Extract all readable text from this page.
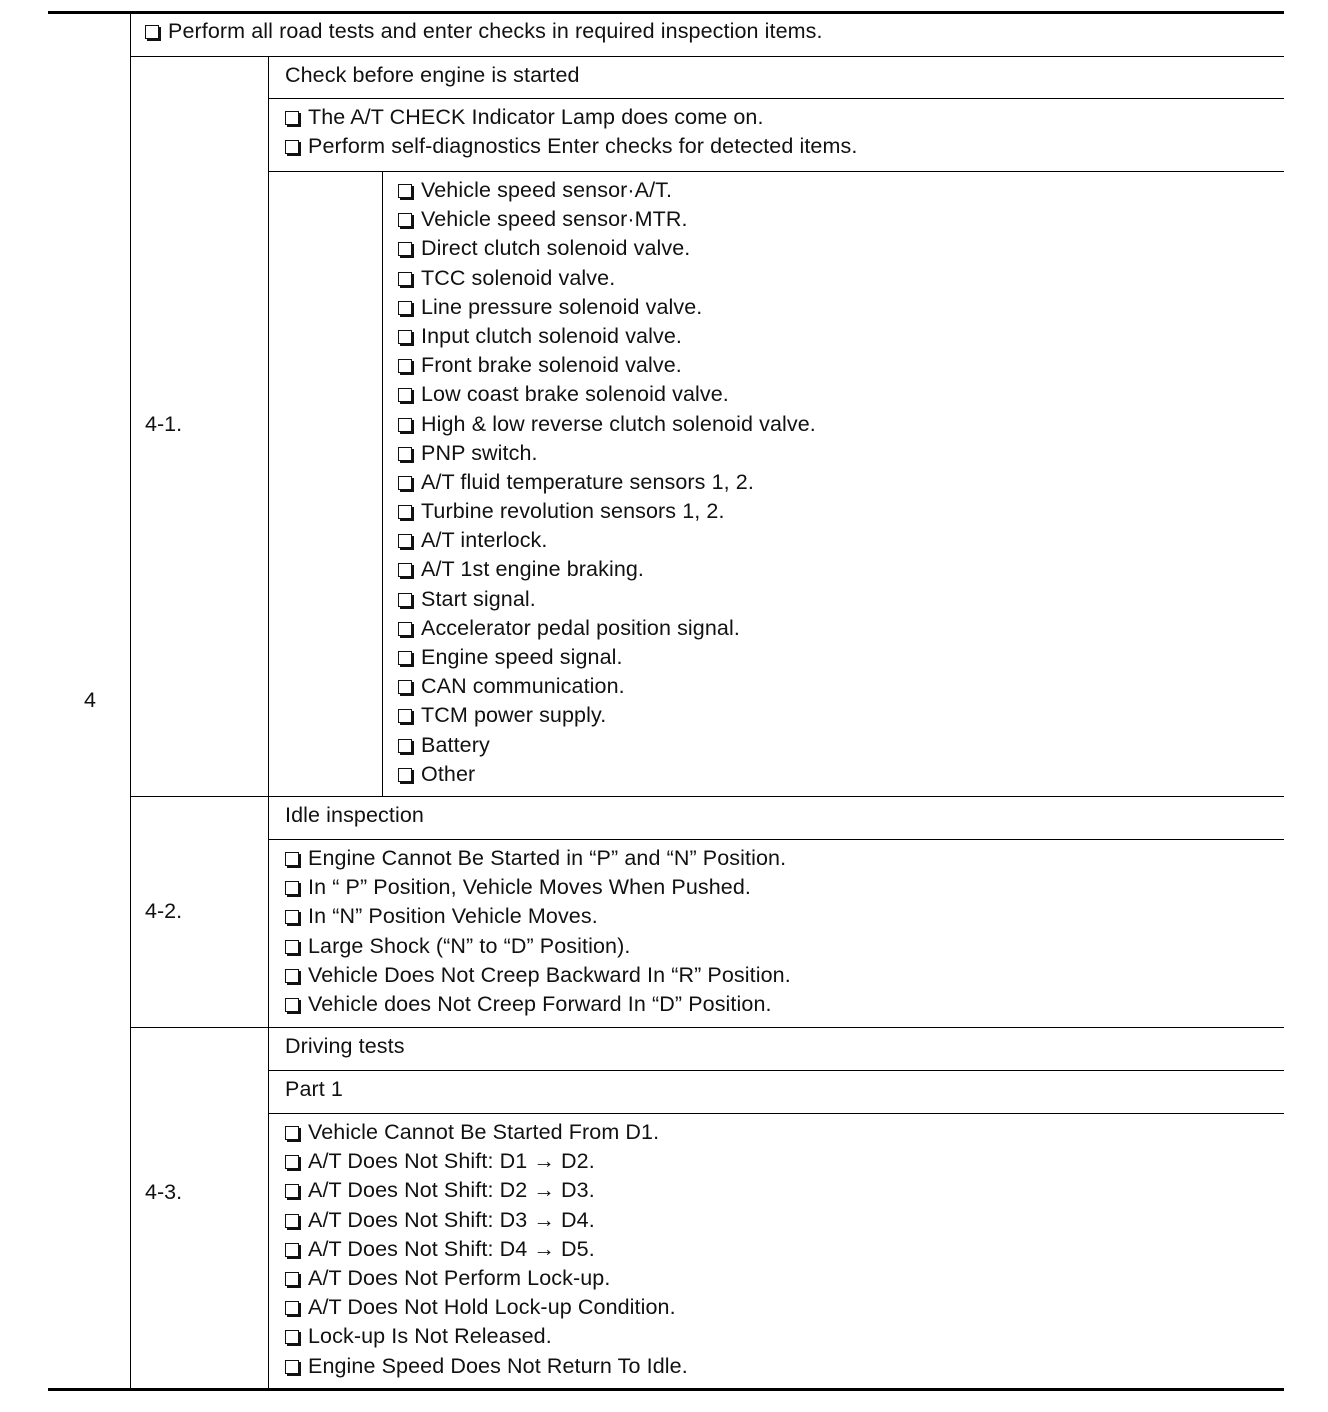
4
Perform all road tests and enter checks in required inspection items.
4-1.
Check before engine is started
The A/T CHECK Indicator Lamp does come on.
Perform self-diagnostics Enter checks for detected items.
Vehicle speed sensor·A/T.
Vehicle speed sensor·MTR.
Direct clutch solenoid valve.
TCC solenoid valve.
Line pressure solenoid valve.
Input clutch solenoid valve.
Front brake solenoid valve.
Low coast brake solenoid valve.
High & low reverse clutch solenoid valve.
PNP switch.
A/T fluid temperature sensors 1, 2.
Turbine revolution sensors 1, 2.
A/T interlock.
A/T 1st engine braking.
Start signal.
Accelerator pedal position signal.
Engine speed signal.
CAN communication.
TCM power supply.
Battery
Other
4-2.
Idle inspection
Engine Cannot Be Started in “P” and “N” Position.
In “ P” Position, Vehicle Moves When Pushed.
In “N” Position Vehicle Moves.
Large Shock (“N” to “D” Position).
Vehicle Does Not Creep Backward In “R” Position.
Vehicle does Not Creep Forward In “D” Position.
4-3.
Driving tests
Part 1
Vehicle Cannot Be Started From D1.
A/T Does Not Shift: D1 → D2.
A/T Does Not Shift: D2 → D3.
A/T Does Not Shift: D3 → D4.
A/T Does Not Shift: D4 → D5.
A/T Does Not Perform Lock-up.
A/T Does Not Hold Lock-up Condition.
Lock-up Is Not Released.
Engine Speed Does Not Return To Idle.
